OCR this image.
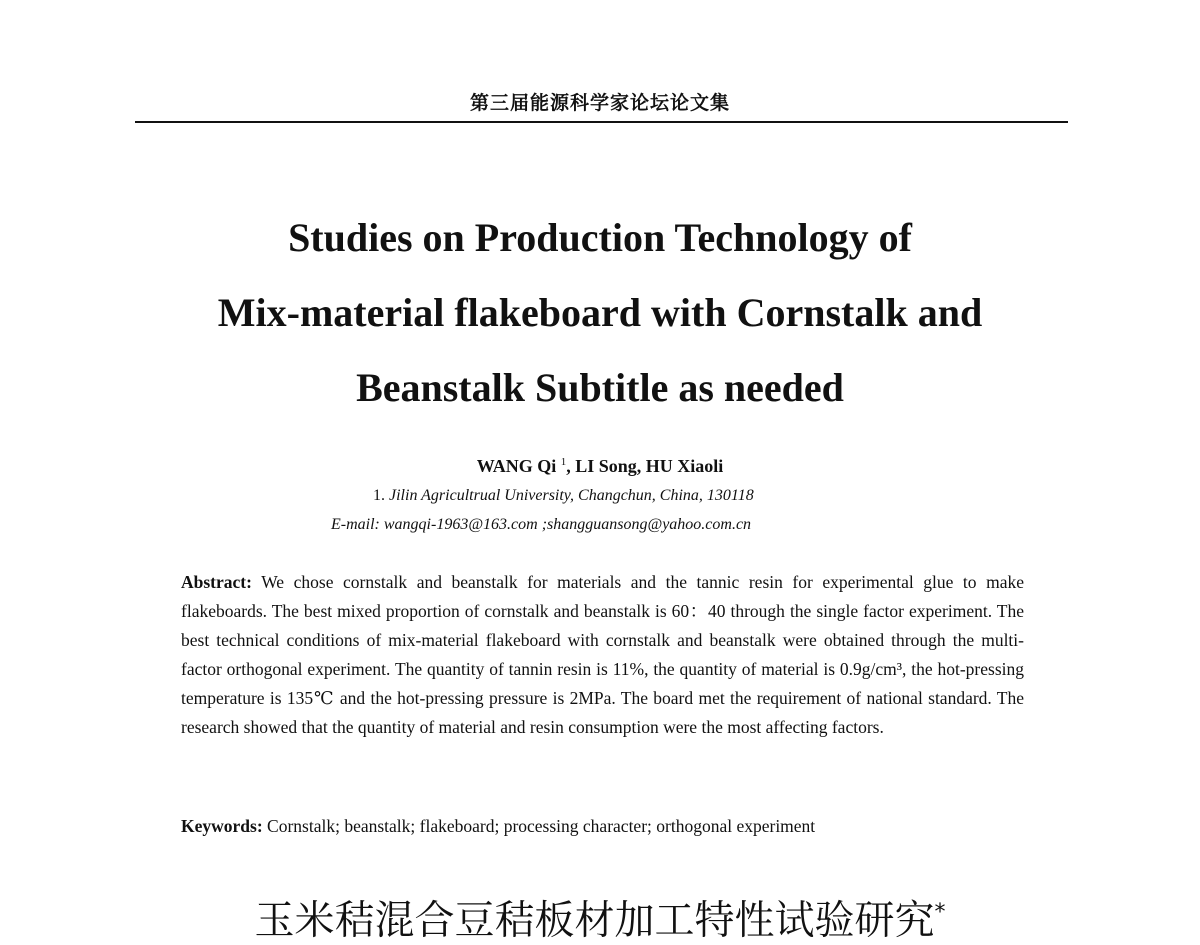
第三届能源科学家论坛论文集
Studies on Production Technology of
Mix-material flakeboard with Cornstalk and
Beanstalk Subtitle as needed
WANG Qi $^1$, LI Song, HU Xiaoli
1. Jilin Agricultrual University, Changchun, China, 130118
E-mail: wangqi-1963@163.com ;shangguansong@yahoo.com.cn
Abstract: We chose cornstalk and beanstalk for materials and the tannic resin for experimental glue to make flakeboards. The best mixed proportion of cornstalk and beanstalk is 60：40 through the single factor experiment. The best technical conditions of mix-material flakeboard with cornstalk and beanstalk were obtained through the multi-factor orthogonal experiment. The quantity of tannin resin is 11%, the quantity of material is 0.9g/cm³, the hot-pressing temperature is 135℃ and the hot-pressing pressure is 2MPa. The board met the requirement of national standard. The research showed that the quantity of material and resin consumption were the most affecting factors.
Keywords: Cornstalk; beanstalk; flakeboard; processing character; orthogonal experiment
玉米秸混合豆秸板材加工特性试验研究*
